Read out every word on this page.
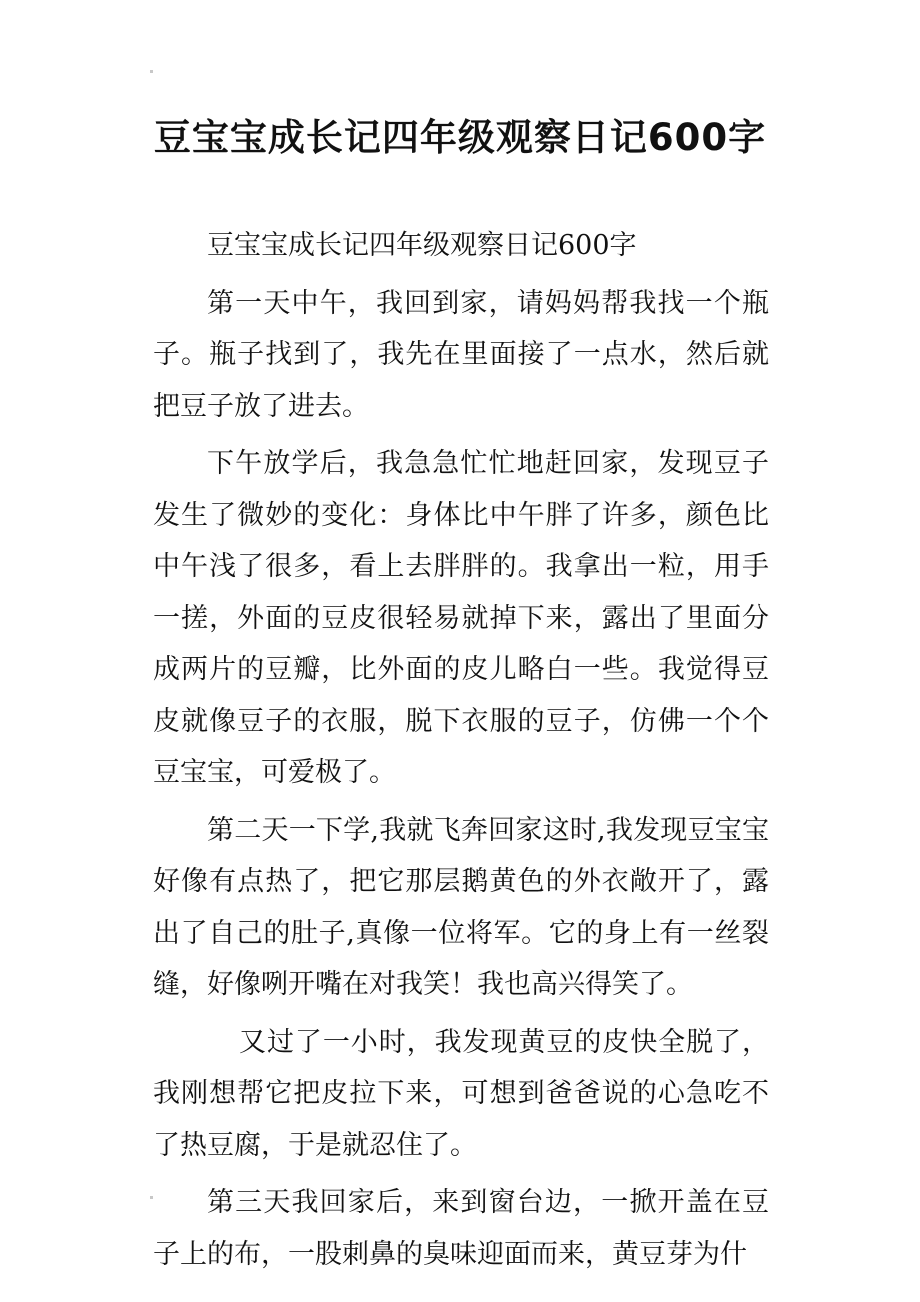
豆宝宝成长记四年级观察日记600字

豆宝宝成长记四年级观察日记600字

第一天中午，我回到家，请妈妈帮我找一个瓶子。瓶子找到了，我先在里面接了一点水，然后就把豆子放了进去。

下午放学后，我急急忙忙地赶回家，发现豆子发生了微妙的变化：身体比中午胖了许多，颜色比中午浅了很多，看上去胖胖的。我拿出一粒，用手一搓，外面的豆皮很轻易就掉下来，露出了里面分成两片的豆瓣，比外面的皮儿略白一些。我觉得豆皮就像豆子的衣服，脱下衣服的豆子，仿佛一个个豆宝宝，可爱极了。

第二天一下学,我就飞奔回家这时,我发现豆宝宝好像有点热了，把它那层鹅黄色的外衣敞开了，露出了自己的肚子,真像一位将军。它的身上有一丝裂缝，好像咧开嘴在对我笑！我也高兴得笑了。

又过了一小时，我发现黄豆的皮快全脱了，我刚想帮它把皮拉下来，可想到爸爸说的心急吃不了热豆腐，于是就忍住了。

第三天我回家后，来到窗台边，一掀开盖在豆子上的布，一股刺鼻的臭味迎面而来，黄豆芽为什
